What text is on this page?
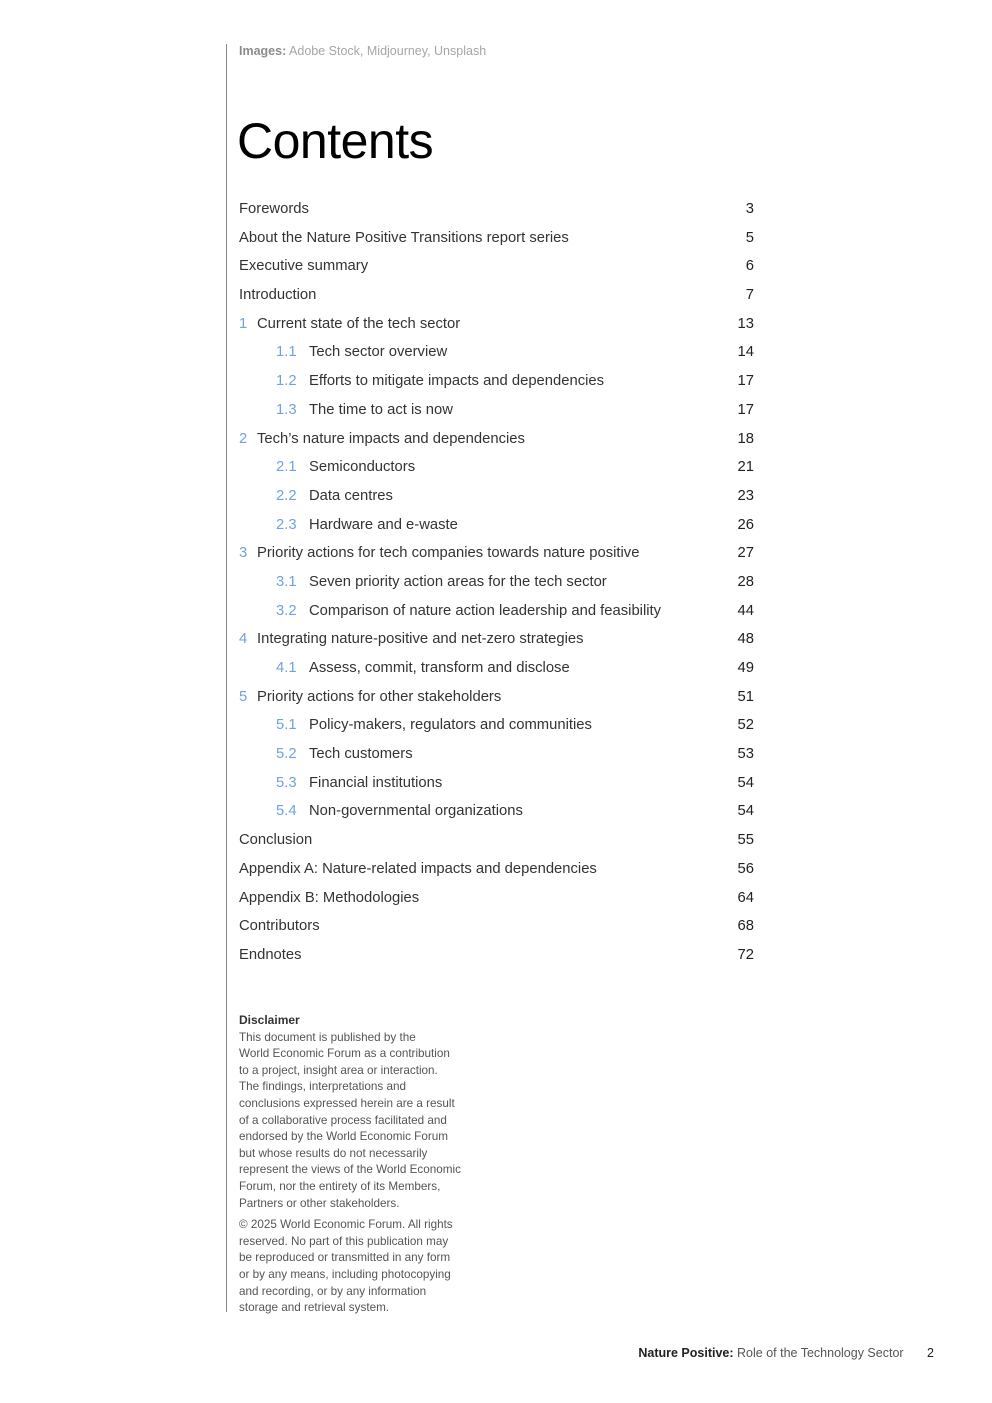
Images: Adobe Stock, Midjourney, Unsplash
Contents
Forewords	3
About the Nature Positive Transitions report series	5
Executive summary	6
Introduction	7
1 Current state of the tech sector	13
1.1 Tech sector overview	14
1.2 Efforts to mitigate impacts and dependencies	17
1.3 The time to act is now	17
2 Tech’s nature impacts and dependencies	18
2.1 Semiconductors	21
2.2 Data centres	23
2.3 Hardware and e-waste	26
3 Priority actions for tech companies towards nature positive	27
3.1 Seven priority action areas for the tech sector	28
3.2 Comparison of nature action leadership and feasibility	44
4 Integrating nature-positive and net-zero strategies	48
4.1 Assess, commit, transform and disclose	49
5 Priority actions for other stakeholders	51
5.1 Policy-makers, regulators and communities	52
5.2 Tech customers	53
5.3 Financial institutions	54
5.4 Non-governmental organizations	54
Conclusion	55
Appendix A: Nature-related impacts and dependencies	56
Appendix B: Methodologies	64
Contributors	68
Endnotes	72
Disclaimer

This document is published by the
World Economic Forum as a contribution
to a project, insight area or interaction.
The findings, interpretations and
conclusions expressed herein are a result
of a collaborative process facilitated and
endorsed by the World Economic Forum
but whose results do not necessarily
represent the views of the World Economic
Forum, nor the entirety of its Members,
Partners or other stakeholders.

© 2025 World Economic Forum. All rights
reserved. No part of this publication may
be reproduced or transmitted in any form
or by any means, including photocopying
and recording, or by any information
storage and retrieval system.

Nature Positive: Role of the Technology Sector 2
